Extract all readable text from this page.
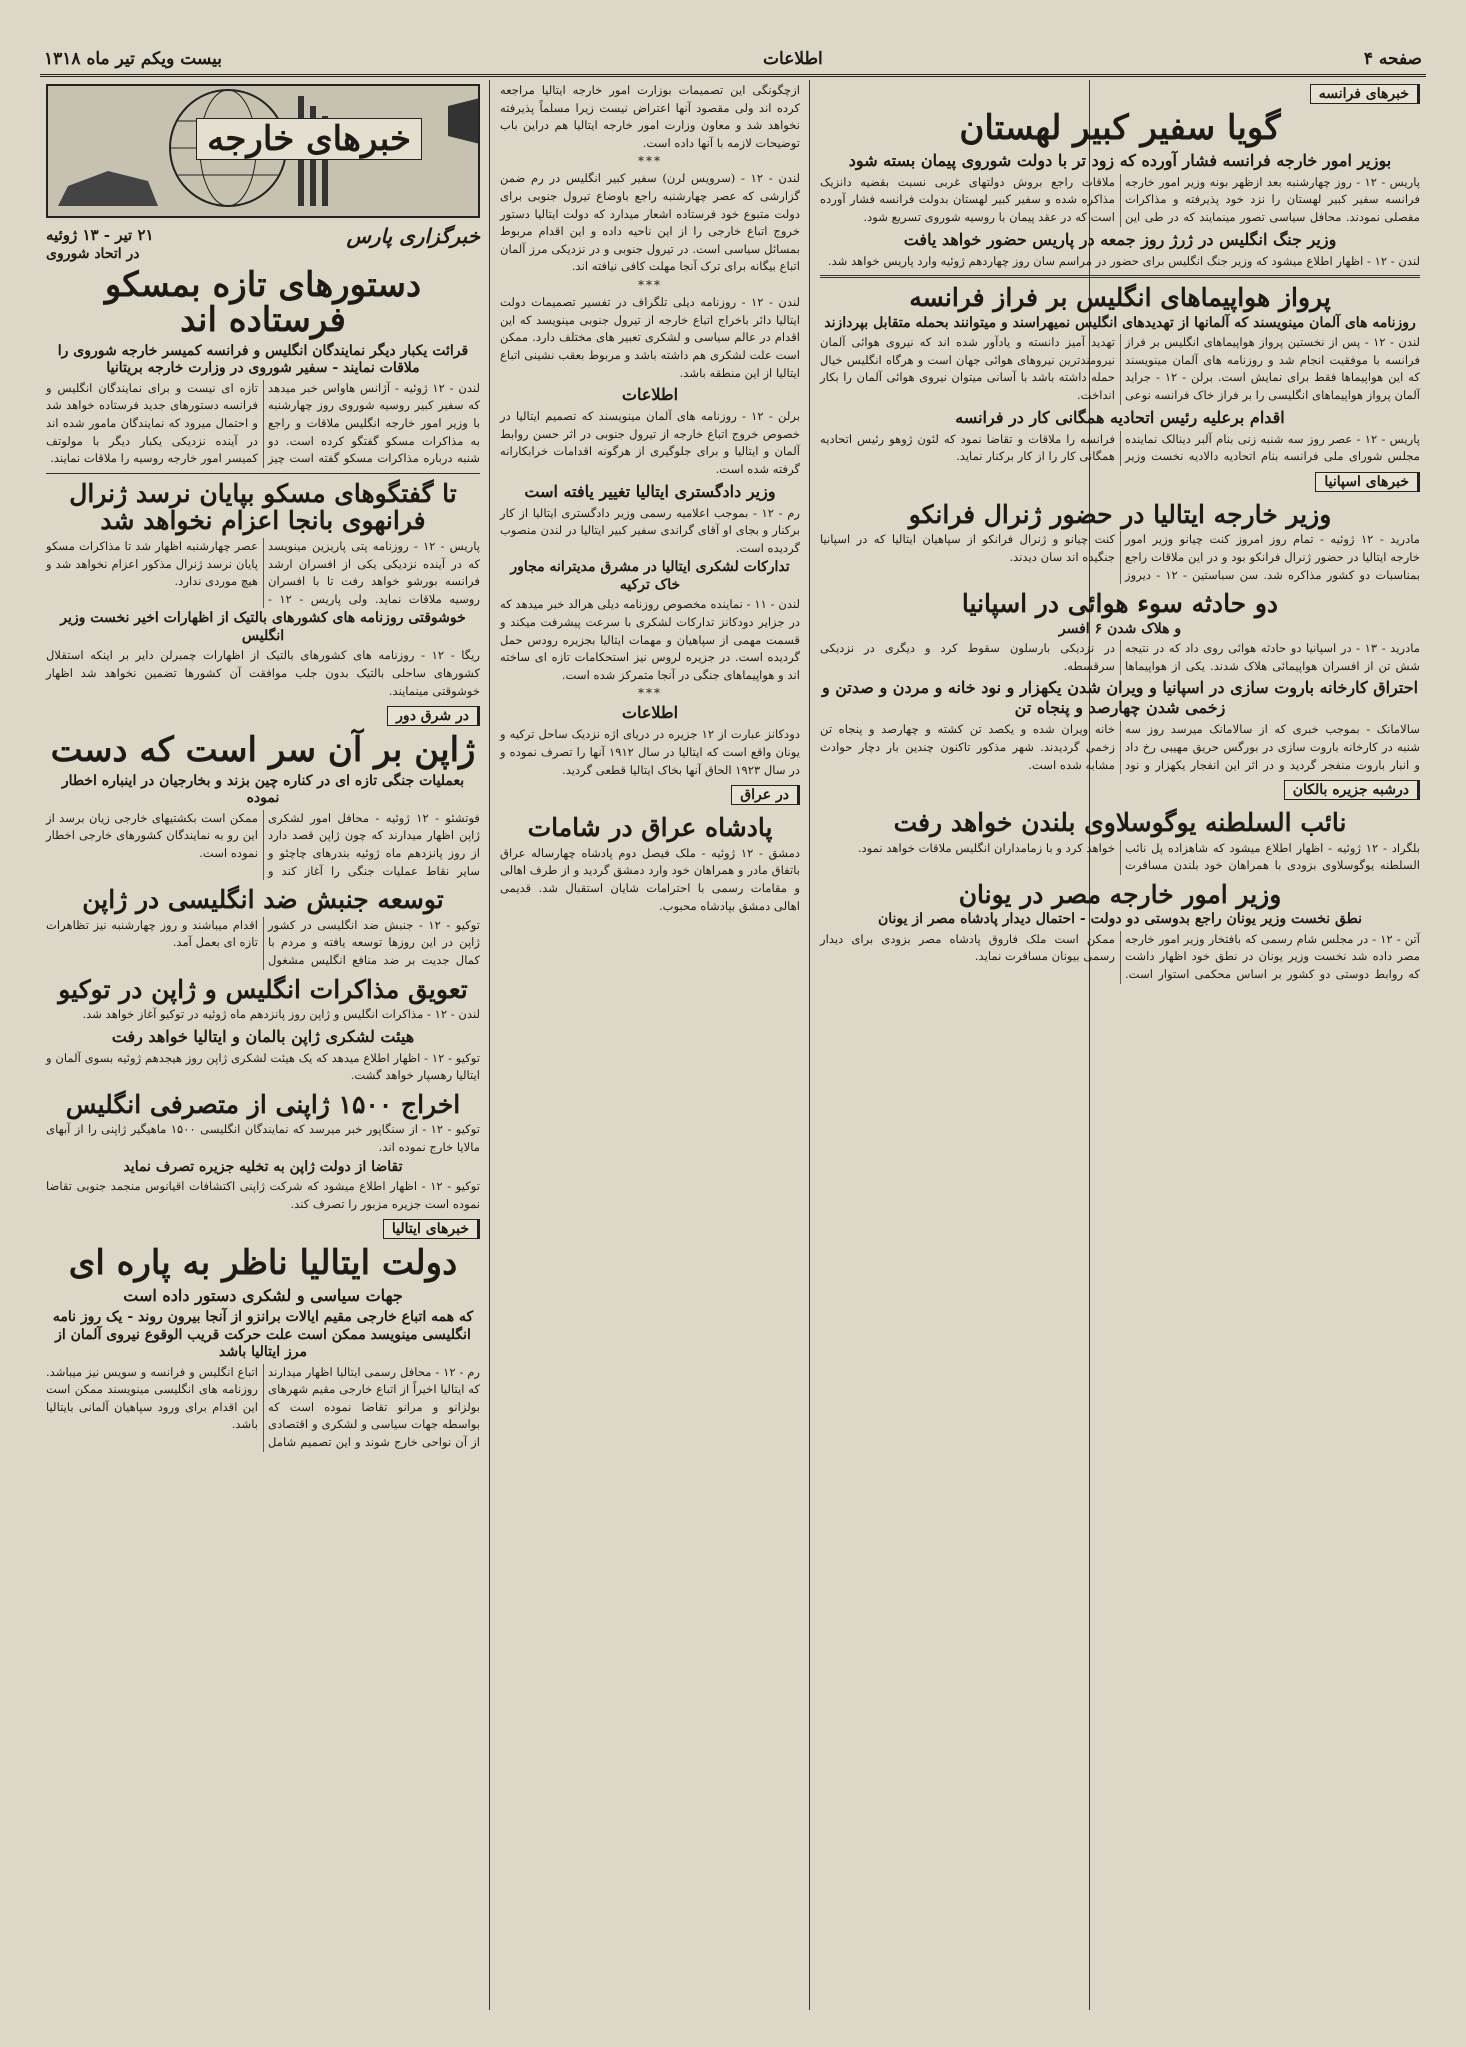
صفحه ۴
اطلاعات
بیست ویکم تیر ماه ۱۳۱۸
خبرهای خارجه
خبرگزاری پارس
۲۱ تیر - ۱۳ ژوئیه
در اتحاد شوروی
دستورهای تازه بمسکو فرستاده اند
قرائت یکبار دیگر نمایندگان انگلیس و فرانسه کمیسر خارجه شوروی را ملاقات نمایند - سفیر شوروی در وزارت خارجه بریتانیا
لندن - ۱۲ ژوئیه - آژانس هاواس خبر میدهد که سفیر کبیر روسیه شوروی روز چهارشنبه با وزیر امور خارجه انگلیس ملاقات و راجع به مذاکرات مسکو گفتگو کرده است. دو شنبه درباره مذاکرات مسکو گفته است چیز تازه ای نیست و برای نمایندگان انگلیس و فرانسه دستورهای جدید فرستاده خواهد شد و احتمال میرود که نمایندگان مامور شده اند در آینده نزدیکی یکبار دیگر با مولوتف کمیسر امور خارجه روسیه را ملاقات نمایند.
تا گفتگوهای مسکو بپایان نرسد ژنرال فرانهوی بانجا اعزام نخواهد شد
پاریس - ۱۲ - روزنامه پتی پاریزین مینویسد که در آینده نزدیکی یکی از افسران ارشد فرانسه بورشو خواهد رفت تا با افسران روسیه ملاقات نماید. ولی پاریس - ۱۲ - عصر چهارشنبه اظهار شد تا مذاکرات مسکو پایان نرسد ژنرال مذکور اعزام نخواهد شد و هیچ موردی ندارد.
خوشوقتی روزنامه های کشورهای بالتیک از اظهارات اخیر نخست وزیر انگلیس
ریگا - ۱۲ - روزنامه های کشورهای بالتیک از اظهارات چمبرلن دایر بر اینکه استقلال کشورهای ساحلی بالتیک بدون جلب موافقت آن کشورها تضمین نخواهد شد اظهار خوشوقتی مینمایند.
در شرق دور
ژاپن بر آن سر است که دست
بعملیات جنگی تازه ای در کناره چین بزند و بخارجیان در اینباره اخطار نموده
فوتشئو - ۱۲ ژوئیه - محافل امور لشکری ژاپن اظهار میدارند که چون ژاپن قصد دارد از روز پانزدهم ماه ژوئیه بندرهای چاچئو و سایر نقاط عملیات جنگی را آغاز کند و ممکن است بکشتیهای خارجی زیان برسد از این رو به نمایندگان کشورهای خارجی اخطار نموده است.
توسعه جنبش ضد انگلیسی در ژاپن
توکیو - ۱۲ - جنبش ضد انگلیسی در کشور ژاپن در این روزها توسعه یافته و مردم با کمال جدیت بر ضد منافع انگلیس مشغول اقدام میباشند و روز چهارشنبه نیز تظاهرات تازه ای بعمل آمد.
تعویق مذاکرات انگلیس و ژاپن در توکیو
لندن - ۱۲ - مذاکرات انگلیس و ژاپن روز پانزدهم ماه ژوئیه در توکیو آغاز خواهد شد.
هیئت لشکری ژاپن بالمان و ایتالیا خواهد رفت
توکیو - ۱۲ - اظهار اطلاع میدهد که یک هیئت لشکری ژاپن روز هیجدهم ژوئیه بسوی آلمان و ایتالیا رهسپار خواهد گشت.
اخراج ۱۵۰۰ ژاپنی از متصرفی انگلیس
توکیو - ۱۲ - از سنگاپور خبر میرسد که نمایندگان انگلیسی ۱۵۰۰ ماهیگیر ژاپنی را از آبهای مالایا خارج نموده اند.
تقاضا از دولت ژاپن به تخلیه جزیره تصرف نماید
توکیو - ۱۲ - اظهار اطلاع میشود که شرکت ژاپنی اکتشافات اقیانوس منجمد جنوبی تقاضا نموده است جزیره مزبور را تصرف کند.
خبرهای ایتالیا
دولت ایتالیا ناظر به پاره ای
جهات سیاسی و لشکری دستور داده است
که همه اتباع خارجی مقیم ایالات برانزو از آنجا بیرون روند - یک روز نامه انگلیسی مینویسد ممکن است علت حرکت قریب الوقوع نیروی آلمان از مرز ایتالیا باشد
رم - ۱۲ - محافل رسمی ایتالیا اظهار میدارند که ایتالیا اخیراً از اتباع خارجی مقیم شهرهای بولزانو و مرانو تقاضا نموده است که بواسطه جهات سیاسی و لشکری و اقتصادی از آن نواحی خارج شوند و این تصمیم شامل اتباع انگلیس و فرانسه و سویس نیز میباشد. روزنامه های انگلیسی مینویسند ممکن است این اقدام برای ورود سپاهیان آلمانی بایتالیا باشد.
ازچگونگی این تصمیمات بوزارت امور خارجه ایتالیا مراجعه کرده اند ولی مقصود آنها اعتراض نیست زیرا مسلماً پذیرفته نخواهد شد و معاون وزارت امور خارجه ایتالیا هم دراین باب توضیحات لازمه با آنها داده است.
***
لندن - ۱۲ - (سرویس لرن) سفیر کبیر انگلیس در رم ضمن گزارشی که عصر چهارشنبه راجع باوضاع تیرول جنوبی برای دولت متبوع خود فرستاده اشعار میدارد که دولت ایتالیا دستور خروج اتباع خارجی را از این ناحیه داده و این اقدام مربوط بمسائل سیاسی است. در تیرول جنوبی و در نزدیکی مرز آلمان اتباع بیگانه برای ترک آنجا مهلت کافی نیافته اند.
***
لندن - ۱۲ - روزنامه دیلی تلگراف در تفسیر تصمیمات دولت ایتالیا دائر باخراج اتباع خارجه از تیرول جنوبی مینویسد که این اقدام در عالم سیاسی و لشکری تعبیر های مختلف دارد. ممکن است علت لشکری هم داشته باشد و مربوط بعقب نشینی اتباع ایتالیا از این منطقه باشد.
اطلاعات
برلن - ۱۲ - روزنامه های آلمان مینویسند که تصمیم ایتالیا در خصوص خروج اتباع خارجه از تیرول جنوبی در اثر حسن روابط آلمان و ایتالیا و برای جلوگیری از هرگونه اقدامات خرابکارانه گرفته شده است.
وزیر دادگستری ایتالیا تغییر یافته است
رم - ۱۲ - بموجب اعلامیه رسمی وزیر دادگستری ایتالیا از کار برکنار و بجای او آقای گراندی سفیر کبیر ایتالیا در لندن منصوب گردیده است.
تدارکات لشکری ایتالیا در مشرق مدیترانه مجاور خاک ترکیه
لندن - ۱۱ - نماینده مخصوص روزنامه دیلی هرالد خبر میدهد که در جزایر دودکانز تدارکات لشکری با سرعت پیشرفت میکند و قسمت مهمی از سپاهیان و مهمات ایتالیا بجزیره رودس حمل گردیده است. در جزیره لروس نیز استحکامات تازه ای ساخته اند و هواپیماهای جنگی در آنجا متمرکز شده است.
***
اطلاعات
دودکانز عبارت از ۱۲ جزیره در دریای اژه نزدیک ساحل ترکیه و یونان واقع است که ایتالیا در سال ۱۹۱۲ آنها را تصرف نموده و در سال ۱۹۲۳ الحاق آنها بخاک ایتالیا قطعی گردید.
در عراق
پادشاه عراق در شامات
دمشق - ۱۲ ژوئیه - ملک فیصل دوم پادشاه چهارساله عراق باتفاق مادر و همراهان خود وارد دمشق گردید و از طرف اهالی و مقامات رسمی با احترامات شایان استقبال شد. قدیمی اهالی دمشق بپادشاه محبوب.
خبرهای فرانسه
گویا سفیر کبیر لهستان
بوزیر امور خارجه فرانسه فشار آورده که زود تر با دولت شوروی پیمان بسته شود
پاریس - ۱۲ - روز چهارشنبه بعد ازظهر بونه وزیر امور خارجه فرانسه سفیر کبیر لهستان را نزد خود پذیرفته و مذاکرات مفصلی نمودند. محافل سیاسی تصور مینمایند که در طی این ملاقات راجع بروش دولتهای غربی نسبت بقضیه دانزیک مذاکره شده و سفیر کبیر لهستان بدولت فرانسه فشار آورده است که در عقد پیمان با روسیه شوروی تسریع شود.
وزیر جنگ انگلیس در ژرژ روز جمعه در پاریس حضور خواهد یافت
لندن - ۱۲ - اظهار اطلاع میشود که وزیر جنگ انگلیس برای حضور در مراسم سان روز چهاردهم ژوئیه وارد پاریس خواهد شد.
پرواز هواپیماهای انگلیس بر فراز فرانسه
روزنامه های آلمان مینویسند که آلمانها از تهدیدهای انگلیس نمیهراسند و میتوانند بحمله متقابل بپردازند
لندن - ۱۲ - پس از نخستین پرواز هواپیماهای انگلیس بر فراز فرانسه با موفقیت انجام شد و روزنامه های آلمان مینویسند که این هواپیماها فقط برای نمایش است. برلن - ۱۲ - جراید آلمان پرواز هواپیماهای انگلیسی را بر فراز خاک فرانسه نوعی تهدید آمیز دانسته و یادآور شده اند که نیروی هوائی آلمان نیرومندترین نیروهای هوائی جهان است و هرگاه انگلیس خیال حمله داشته باشد با آسانی میتوان نیروی هوائی آلمان را بکار انداخت.
اقدام برعلیه رئیس اتحادیه همگانی کار در فرانسه
پاریس - ۱۲ - عصر روز سه شنبه زنی بنام آلبر دینالک نماینده مجلس شورای ملی فرانسه بنام اتحادیه دالادیه نخست وزیر فرانسه را ملاقات و تقاضا نمود که لئون ژوهو رئیس اتحادیه همگانی کار را از کار برکنار نماید.
خبرهای اسپانیا
وزیر خارجه ایتالیا در حضور ژنرال فرانکو
مادرید - ۱۲ ژوئیه - تمام روز امروز کنت چیانو وزیر امور خارجه ایتالیا در حضور ژنرال فرانکو بود و در این ملاقات راجع بمناسبات دو کشور مذاکره شد. سن سباستین - ۱۲ - دیروز کنت چیانو و ژنرال فرانکو از سپاهیان ایتالیا که در اسپانیا جنگیده اند سان دیدند.
دو حادثه سوء هوائی در اسپانیا
و هلاک شدن ۶ افسر
مادرید - ۱۳ - در اسپانیا دو حادثه هوائی روی داد که در نتیجه شش تن از افسران هواپیمائی هلاک شدند. یکی از هواپیماها در نزدیکی بارسلون سقوط کرد و دیگری در نزدیکی سرقسطه.
احتراق کارخانه باروت سازی در اسپانیا و ویران شدن یکهزار و نود خانه و مردن و صدتن و زخمی شدن چهارصد و پنجاه تن
سالامانک - بموجب خبری که از سالامانک میرسد روز سه شنبه در کارخانه باروت سازی در بورگس حریق مهیبی رخ داد و انبار باروت منفجر گردید و در اثر این انفجار یکهزار و نود خانه ویران شده و یکصد تن کشته و چهارصد و پنجاه تن زخمی گردیدند. شهر مذکور تاکنون چندین بار دچار حوادث مشابه شده است.
درشبه جزیره بالکان
نائب السلطنه یوگوسلاوی بلندن خواهد رفت
بلگراد - ۱۲ ژوئیه - اظهار اطلاع میشود که شاهزاده پل نائب السلطنه یوگوسلاوی بزودی با همراهان خود بلندن مسافرت خواهد کرد و با زمامداران انگلیس ملاقات خواهد نمود.
وزیر امور خارجه مصر در یونان
نطق نخست وزیر یونان راجع بدوستی دو دولت - احتمال دیدار پادشاه مصر از یونان
آتن - ۱۲ - در مجلس شام رسمی که بافتخار وزیر امور خارجه مصر داده شد نخست وزیر یونان در نطق خود اظهار داشت که روابط دوستی دو کشور بر اساس محکمی استوار است. ممکن است ملک فاروق پادشاه مصر بزودی برای دیدار رسمی بیونان مسافرت نماید.
